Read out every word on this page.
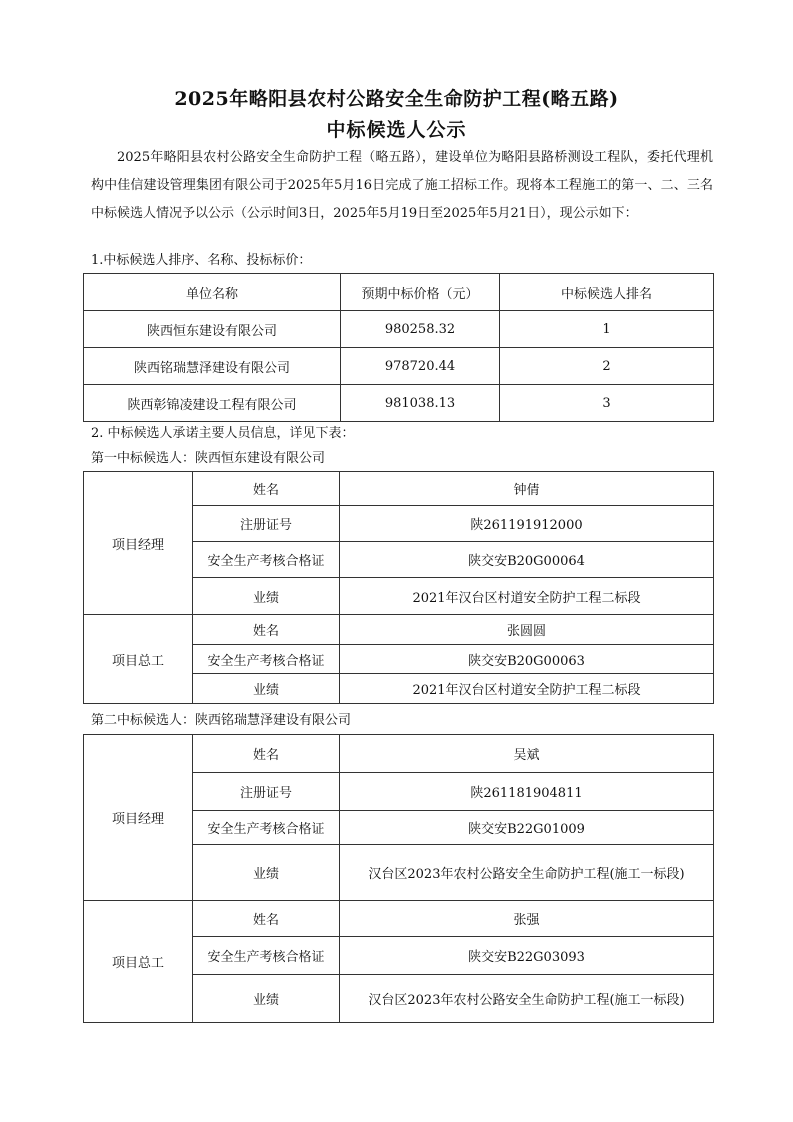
2025年略阳县农村公路安全生命防护工程(略五路)
中标候选人公示

2025年略阳县农村公路安全生命防护工程（略五路），建设单位为略阳县路桥测设工程队，委托代理机构中佳信建设管理集团有限公司于2025年5月16日完成了施工招标工作。现将本工程施工的第一、二、三名中标候选人情况予以公示（公示时间3日，2025年5月19日至2025年5月21日），现公示如下：

1.中标候选人排序、名称、投标标价：
单位名称	预期中标价格（元）	中标候选人排名
陕西恒东建设有限公司	980258.32	1
陕西铭瑞慧泽建设有限公司	978720.44	2
陕西彰锦凌建设工程有限公司	981038.13	3
2. 中标候选人承诺主要人员信息，详见下表：
第一中标候选人：陕西恒东建设有限公司
项目经理	姓名	钟倩
	注册证号	陕261191912000
	安全生产考核合格证	陕交安B20G00064
	业绩	2021年汉台区村道安全防护工程二标段
项目总工	姓名	张圆圆
	安全生产考核合格证	陕交安B20G00063
	业绩	2021年汉台区村道安全防护工程二标段
第二中标候选人：陕西铭瑞慧泽建设有限公司
项目经理	姓名	吴斌
	注册证号	陕261181904811
	安全生产考核合格证	陕交安B22G01009
	业绩	汉台区2023年农村公路安全生命防护工程(施工一标段)
项目总工	姓名	张强
	安全生产考核合格证	陕交安B22G03093
	业绩	汉台区2023年农村公路安全生命防护工程(施工一标段)
